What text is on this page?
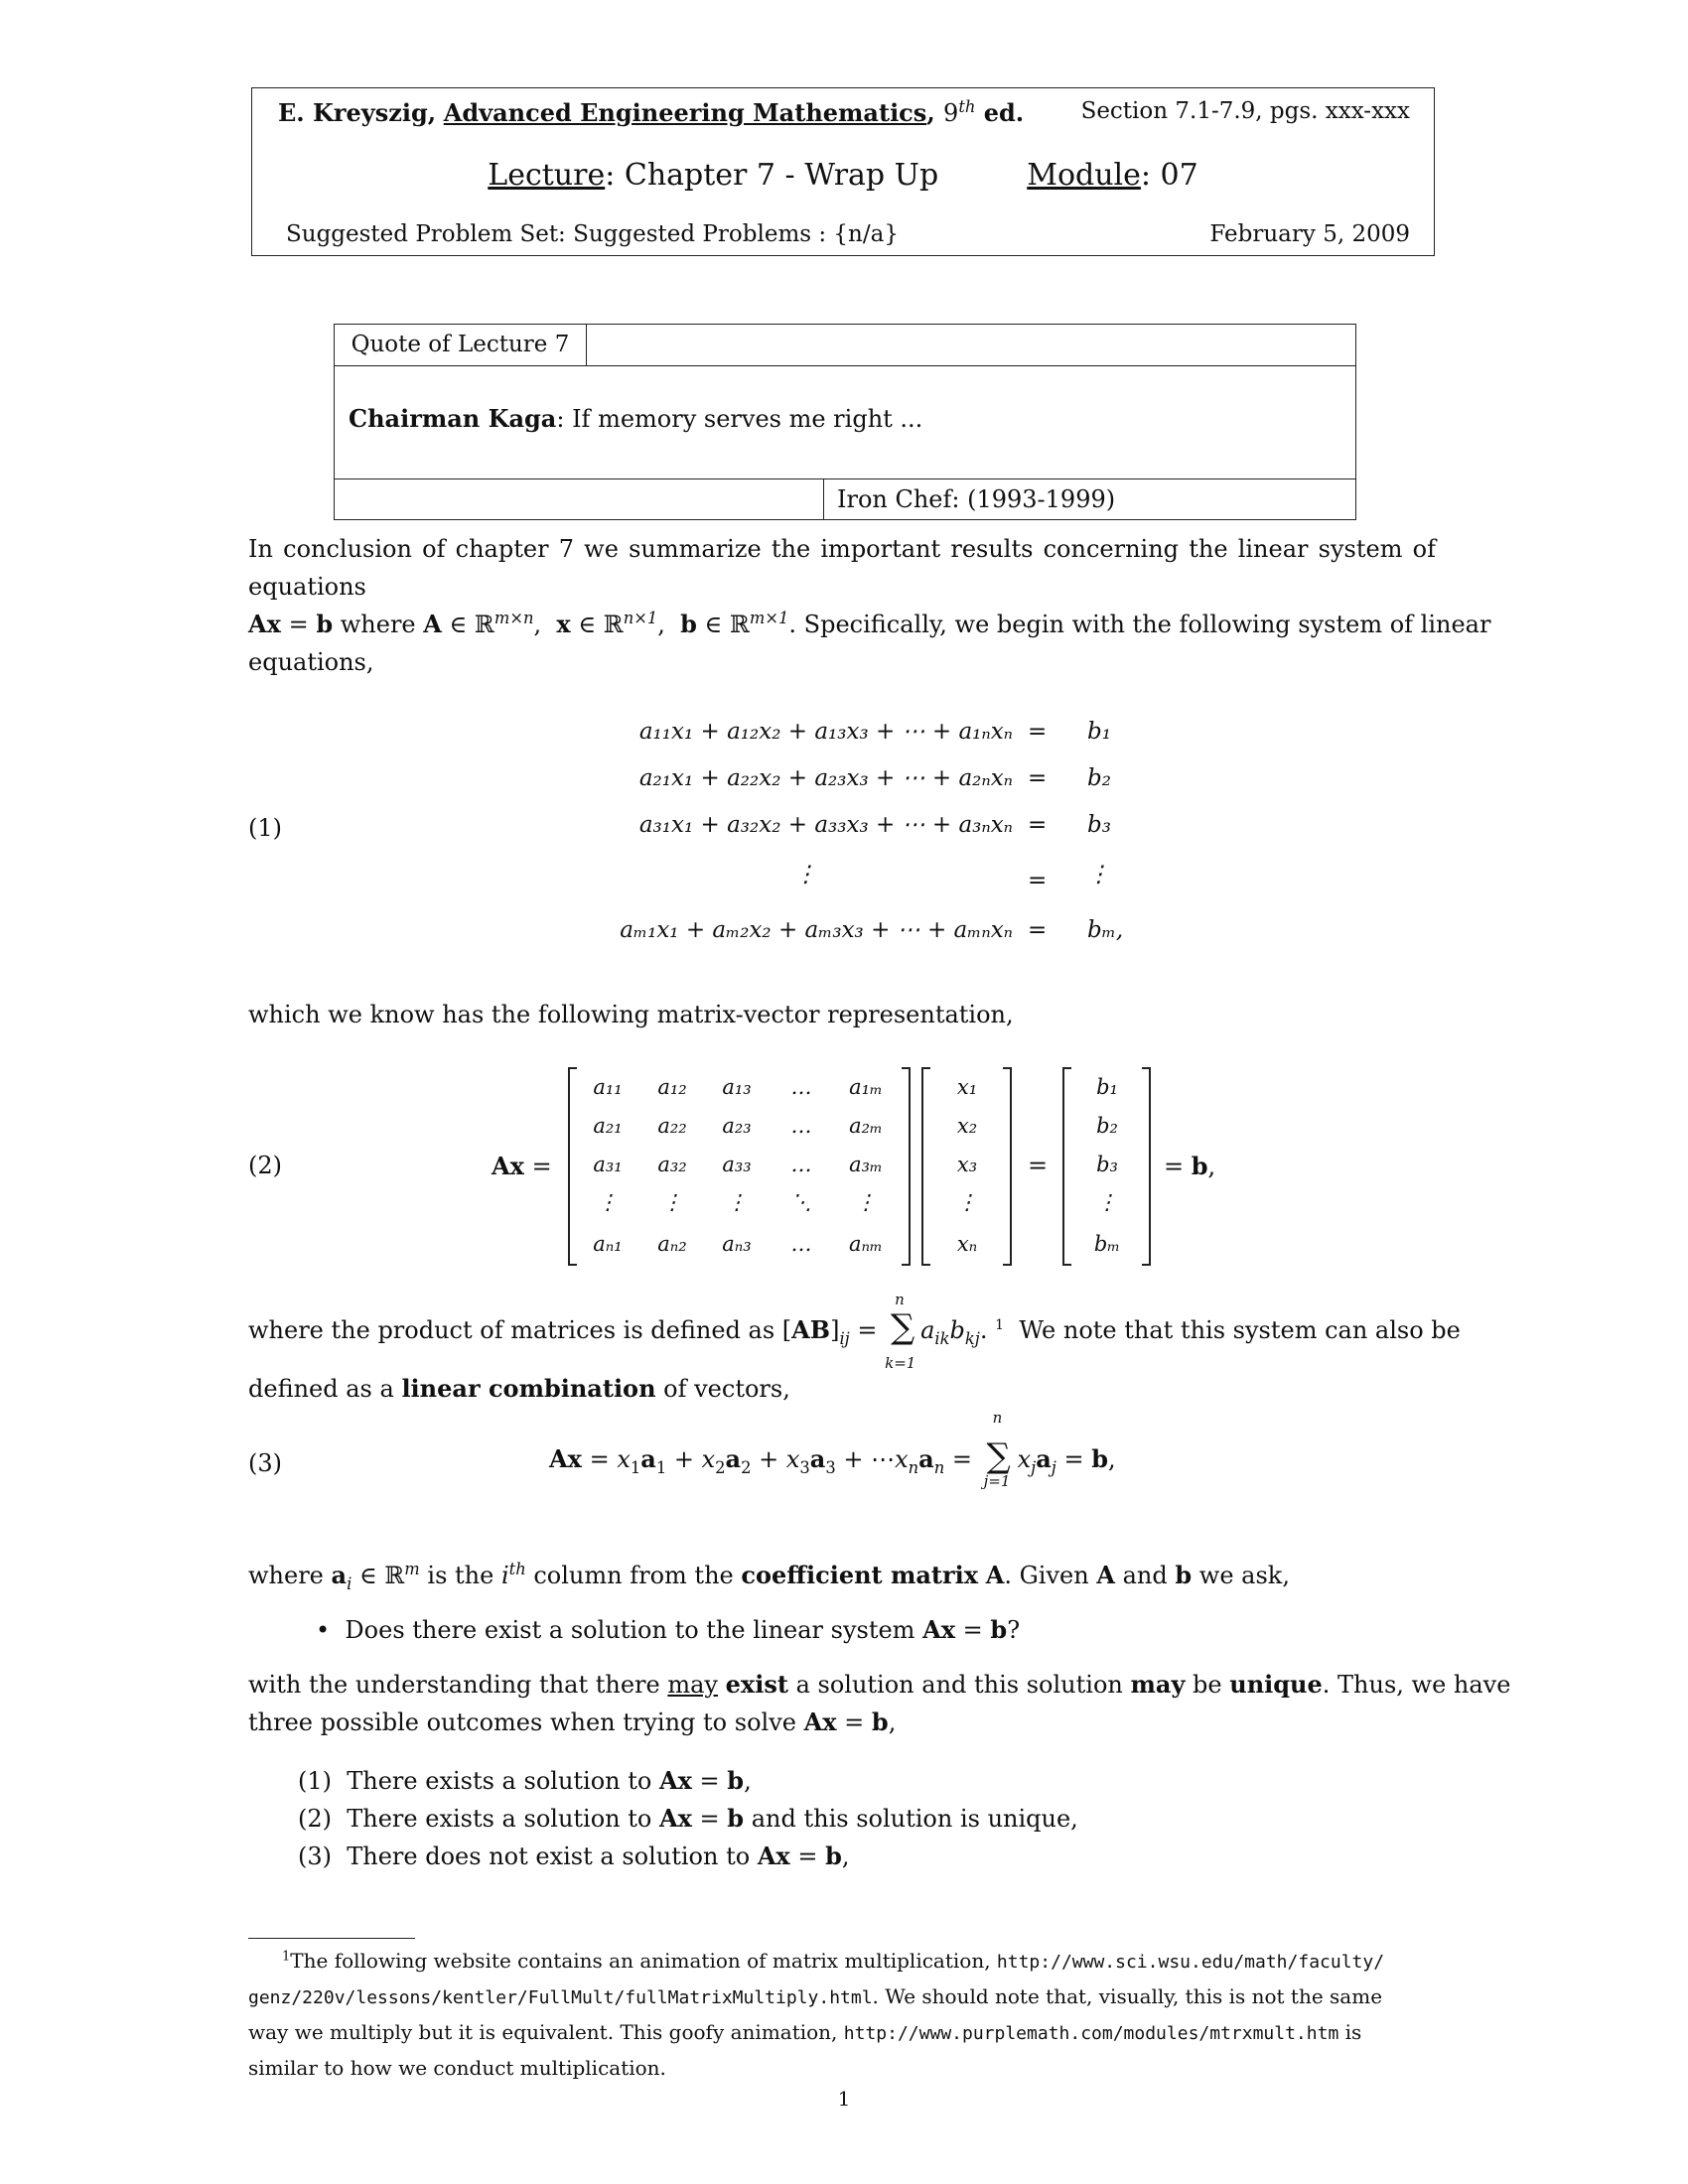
E. Kreyszig, Advanced Engineering Mathematics, 9th ed. Section 7.1-7.9, pgs. xxx-xxx
Lecture: Chapter 7 - Wrap Up	Module: 07
Suggested Problem Set: Suggested Problems : {n/a}	February 5, 2009
Quote of Lecture 7
Chairman Kaga: If memory serves me right ...
Iron Chef: (1993-1999)
In conclusion of chapter 7 we summarize the important results concerning the linear system of equations
Ax = b where A ∈ ℝ$^{m\times n}$,  x ∈ ℝ$^{n\times 1}$,  b ∈ ℝ$^{m\times 1}$. Specifically, we begin with the following system of linear
equations,
(1)
a₁₁x₁ + a₁₂x₂ + a₁₃x₃ + ⋯ + a₁ₙxₙ = b₁
a₂₁x₁ + a₂₂x₂ + a₂₃x₃ + ⋯ + a₂ₙxₙ = b₂
a₃₁x₁ + a₃₂x₂ + a₃₃x₃ + ⋯ + a₃ₙxₙ = b₃
⋮	= ⋮
aₘ₁x₁ + aₘ₂x₂ + aₘ₃x₃ + ⋯ + aₘₙxₙ = bₘ,
which we know has the following matrix-vector representation,
(2)	Ax =
a₁₁	a₁₂	a₁₃	…	a₁ₘ
a₂₁	a₂₂	a₂₃	…	a₂ₘ
a₃₁	a₃₂	a₃₃	…	a₃ₘ
⋮	⋮	⋮	⋱	⋮
aₙ₁	aₙ₂	aₙ₃	…	aₙₘ
x₁
x₂
x₃
⋮
xₙ
=
b₁
b₂
b₃
⋮
bₘ
= b,
where the product of matrices is defined as $[AB]_{ij}$ =
n
∑
k=1
$a_{ik}b_{kj}$. $^1$ We note that this system can also be
defined as a linear combination of vectors,
(3)	$Ax = x_1a_1 + x_2a_2 + x_3a_3$ + $\cdots x_na_n$ =
n
∑
j=1
$x_ja_j = b$,
where $a_i$ ∈ ℝ$^m$ is the $i^{th}$ column from the coefficient matrix A. Given A and b we ask,
• Does there exist a solution to the linear system Ax = b?
with the understanding that there may exist a solution and this solution may be unique. Thus, we have
three possible outcomes when trying to solve Ax = b,
(1) There exists a solution to Ax = b,
(2) There exists a solution to Ax = b and this solution is unique,
(3) There does not exist a solution to Ax = b,
$^1$The following website contains an animation of matrix multiplication, http://www.sci.wsu.edu/math/faculty/
genz/220v/lessons/kentler/FullMult/fullMatrixMultiply.html. We should note that, visually, this is not the same
way we multiply but it is equivalent. This goofy animation, http://www.purplemath.com/modules/mtrxmult.htm is
similar to how we conduct multiplication.
1
